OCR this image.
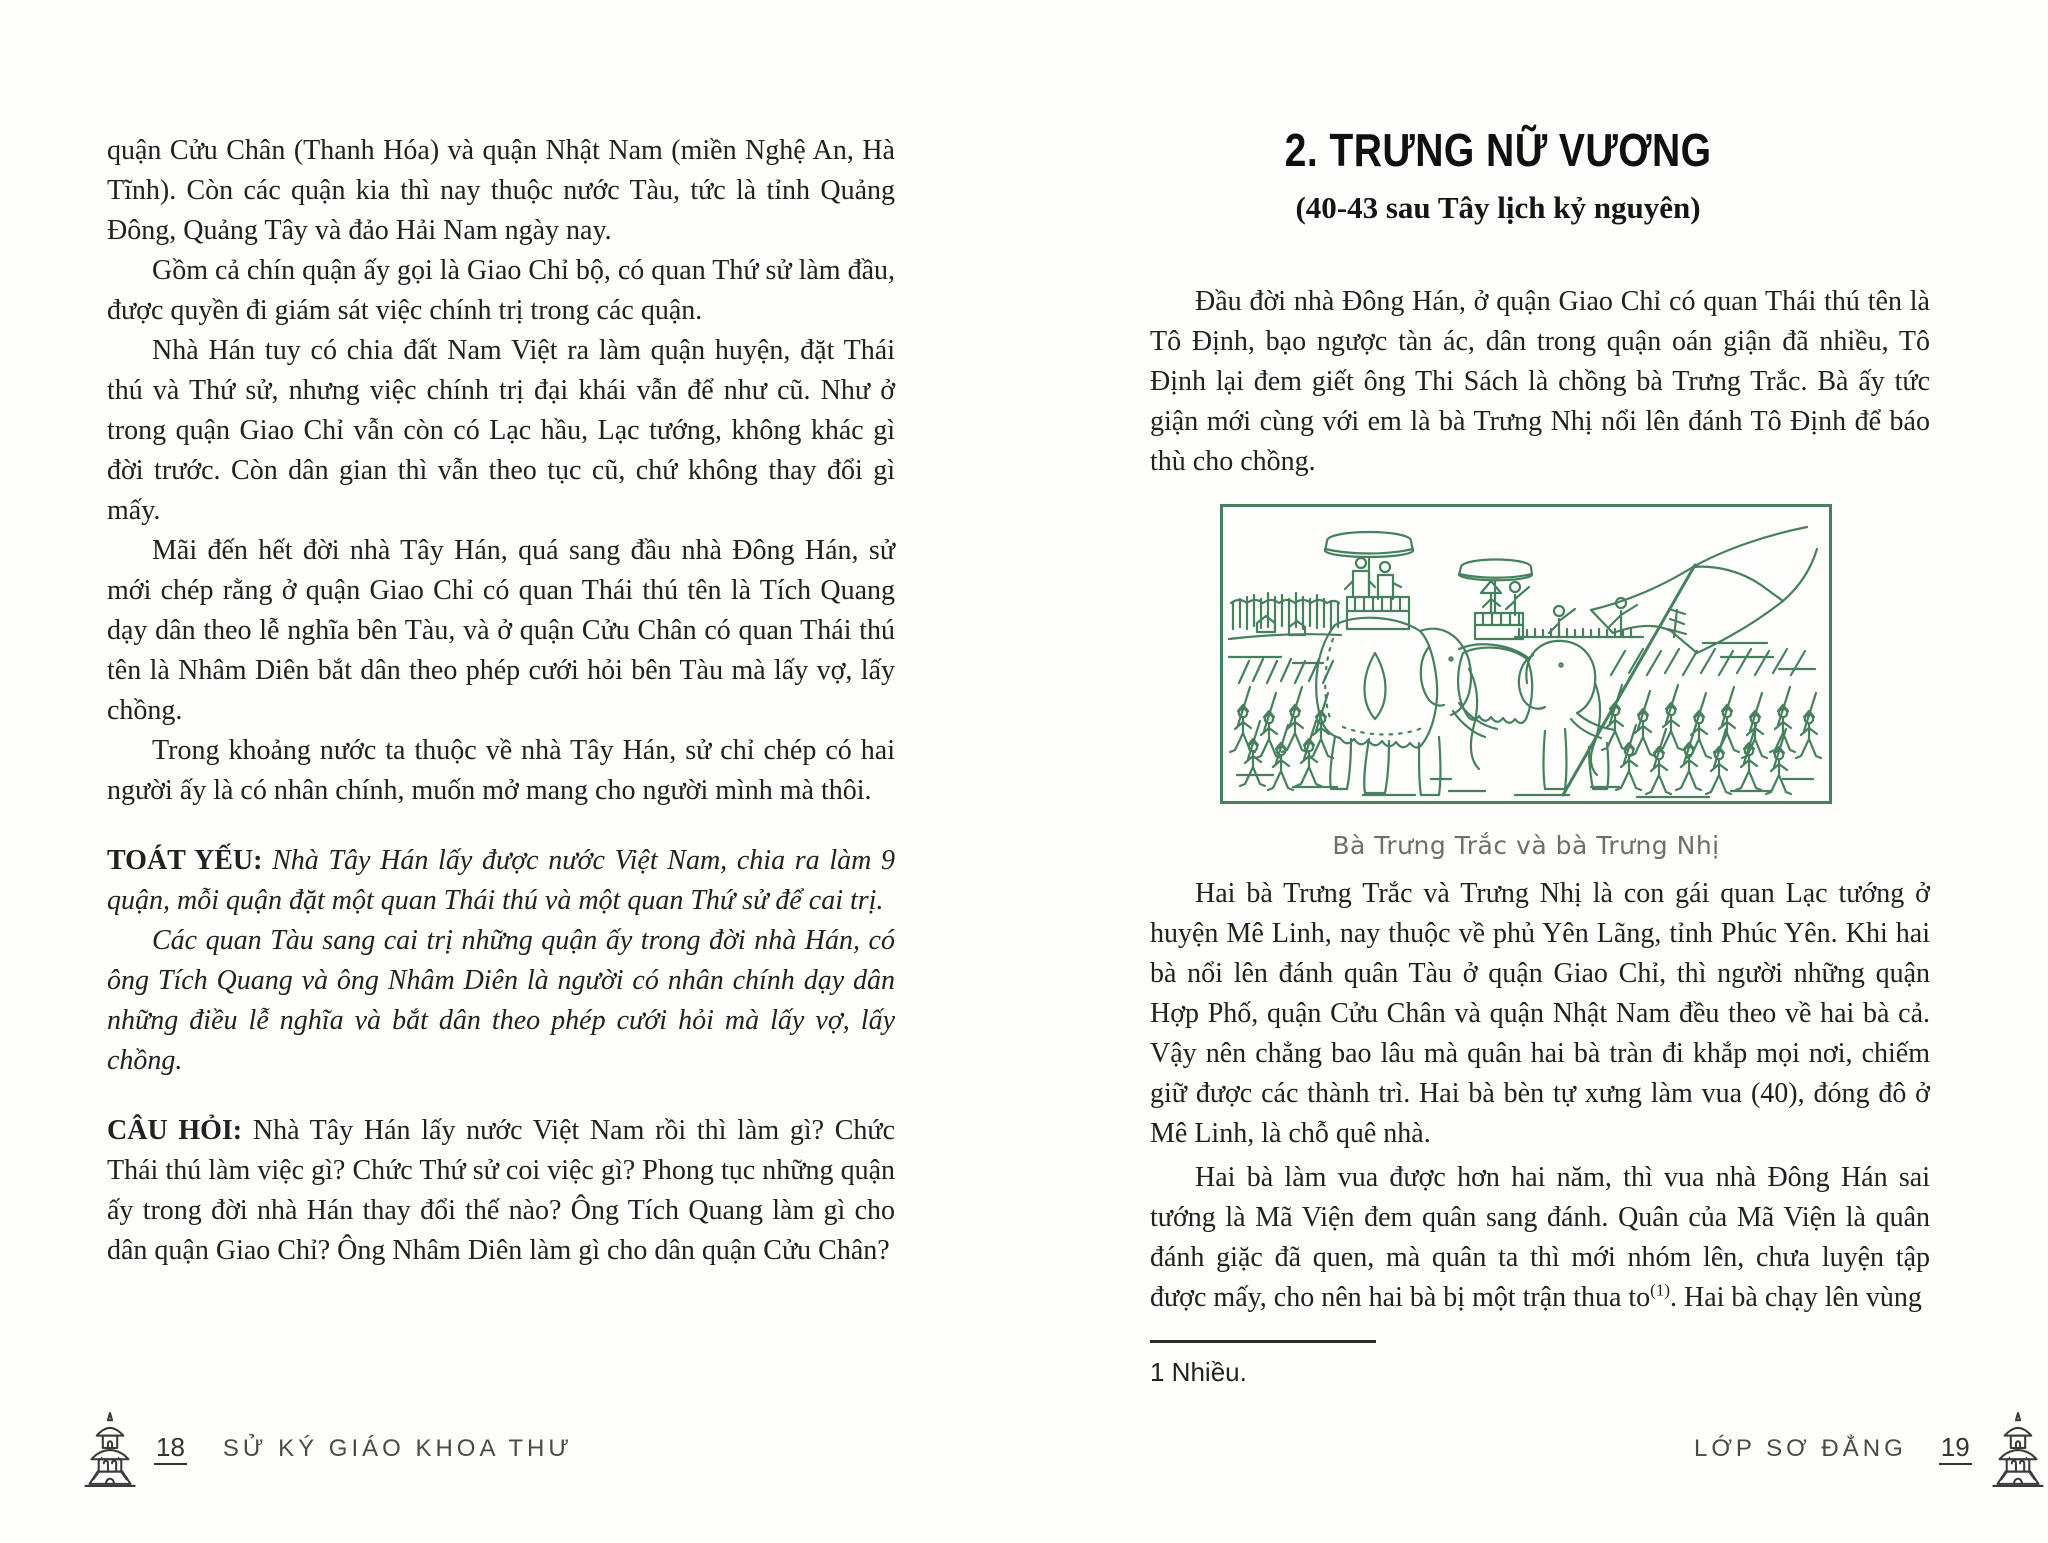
quận Cửu Chân (Thanh Hóa) và quận Nhật Nam (miền Nghệ An, Hà Tĩnh). Còn các quận kia thì nay thuộc nước Tàu, tức là tỉnh Quảng Đông, Quảng Tây và đảo Hải Nam ngày nay.

Gồm cả chín quận ấy gọi là Giao Chỉ bộ, có quan Thứ sử làm đầu, được quyền đi giám sát việc chính trị trong các quận.

Nhà Hán tuy có chia đất Nam Việt ra làm quận huyện, đặt Thái thú và Thứ sử, nhưng việc chính trị đại khái vẫn để như cũ. Như ở trong quận Giao Chỉ vẫn còn có Lạc hầu, Lạc tướng, không khác gì đời trước. Còn dân gian thì vẫn theo tục cũ, chứ không thay đổi gì mấy.

Mãi đến hết đời nhà Tây Hán, quá sang đầu nhà Đông Hán, sử mới chép rằng ở quận Giao Chỉ có quan Thái thú tên là Tích Quang dạy dân theo lễ nghĩa bên Tàu, và ở quận Cửu Chân có quan Thái thú tên là Nhâm Diên bắt dân theo phép cưới hỏi bên Tàu mà lấy vợ, lấy chồng.

Trong khoảng nước ta thuộc về nhà Tây Hán, sử chỉ chép có hai người ấy là có nhân chính, muốn mở mang cho người mình mà thôi.

TOÁT YẾU: Nhà Tây Hán lấy được nước Việt Nam, chia ra làm 9 quận, mỗi quận đặt một quan Thái thú và một quan Thứ sử để cai trị.

Các quan Tàu sang cai trị những quận ấy trong đời nhà Hán, có ông Tích Quang và ông Nhâm Diên là người có nhân chính dạy dân những điều lễ nghĩa và bắt dân theo phép cưới hỏi mà lấy vợ, lấy chồng.

CÂU HỎI: Nhà Tây Hán lấy nước Việt Nam rồi thì làm gì? Chức Thái thú làm việc gì? Chức Thứ sử coi việc gì? Phong tục những quận ấy trong đời nhà Hán thay đổi thế nào? Ông Tích Quang làm gì cho dân quận Giao Chỉ? Ông Nhâm Diên làm gì cho dân quận Cửu Chân?

2. TRƯNG NỮ VƯƠNG
(40-43 sau Tây lịch kỷ nguyên)

Đầu đời nhà Đông Hán, ở quận Giao Chỉ có quan Thái thú tên là Tô Định, bạo ngược tàn ác, dân trong quận oán giận đã nhiều, Tô Định lại đem giết ông Thi Sách là chồng bà Trưng Trắc. Bà ấy tức giận mới cùng với em là bà Trưng Nhị nổi lên đánh Tô Định để báo thù cho chồng.

Bà Trưng Trắc và bà Trưng Nhị

Hai bà Trưng Trắc và Trưng Nhị là con gái quan Lạc tướng ở huyện Mê Linh, nay thuộc về phủ Yên Lãng, tỉnh Phúc Yên. Khi hai bà nổi lên đánh quân Tàu ở quận Giao Chỉ, thì người những quận Hợp Phố, quận Cửu Chân và quận Nhật Nam đều theo về hai bà cả. Vậy nên chẳng bao lâu mà quân hai bà tràn đi khắp mọi nơi, chiếm giữ được các thành trì. Hai bà bèn tự xưng làm vua (40), đóng đô ở Mê Linh, là chỗ quê nhà.

Hai bà làm vua được hơn hai năm, thì vua nhà Đông Hán sai tướng là Mã Viện đem quân sang đánh. Quân của Mã Viện là quân đánh giặc đã quen, mà quân ta thì mới nhóm lên, chưa luyện tập được mấy, cho nên hai bà bị một trận thua $to^{(1)}$. Hai bà chạy lên vùng

1 Nhiều.
18 SỬ KÝ GIÁO KHOA THƯ	LỚP SƠ ĐẲNG 19
